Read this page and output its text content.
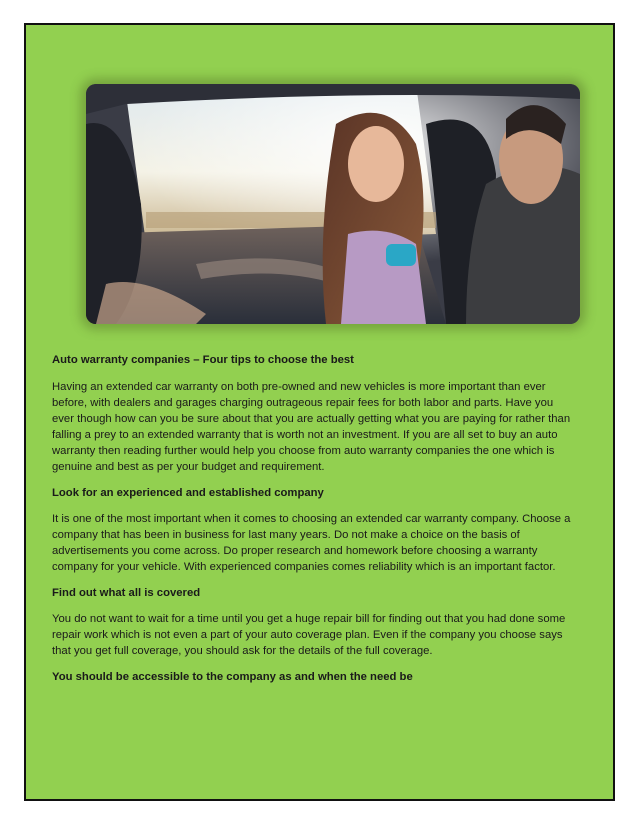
Auto warranty companies – Four tips to choose the best

Having an extended car warranty on both pre-owned and new vehicles is more important than ever before, with dealers and garages charging outrageous repair fees for both labor and parts. Have you ever though how can you be sure about that you are actually getting what you are paying for rather than falling a prey to an extended warranty that is worth not an investment. If you are all set to buy an auto warranty then reading further would help you choose from auto warranty companies the one which is genuine and best as per your budget and requirement.

Look for an experienced and established company

It is one of the most important when it comes to choosing an extended car warranty company. Choose a company that has been in business for last many years. Do not make a choice on the basis of advertisements you come across. Do proper research and homework before choosing a warranty company for your vehicle. With experienced companies comes reliability which is an important factor.

Find out what all is covered

You do not want to wait for a time until you get a huge repair bill for finding out that you had done some repair work which is not even a part of your auto coverage plan. Even if the company you choose says that you get full coverage, you should ask for the details of the full coverage.

You should be accessible to the company as and when the need be
